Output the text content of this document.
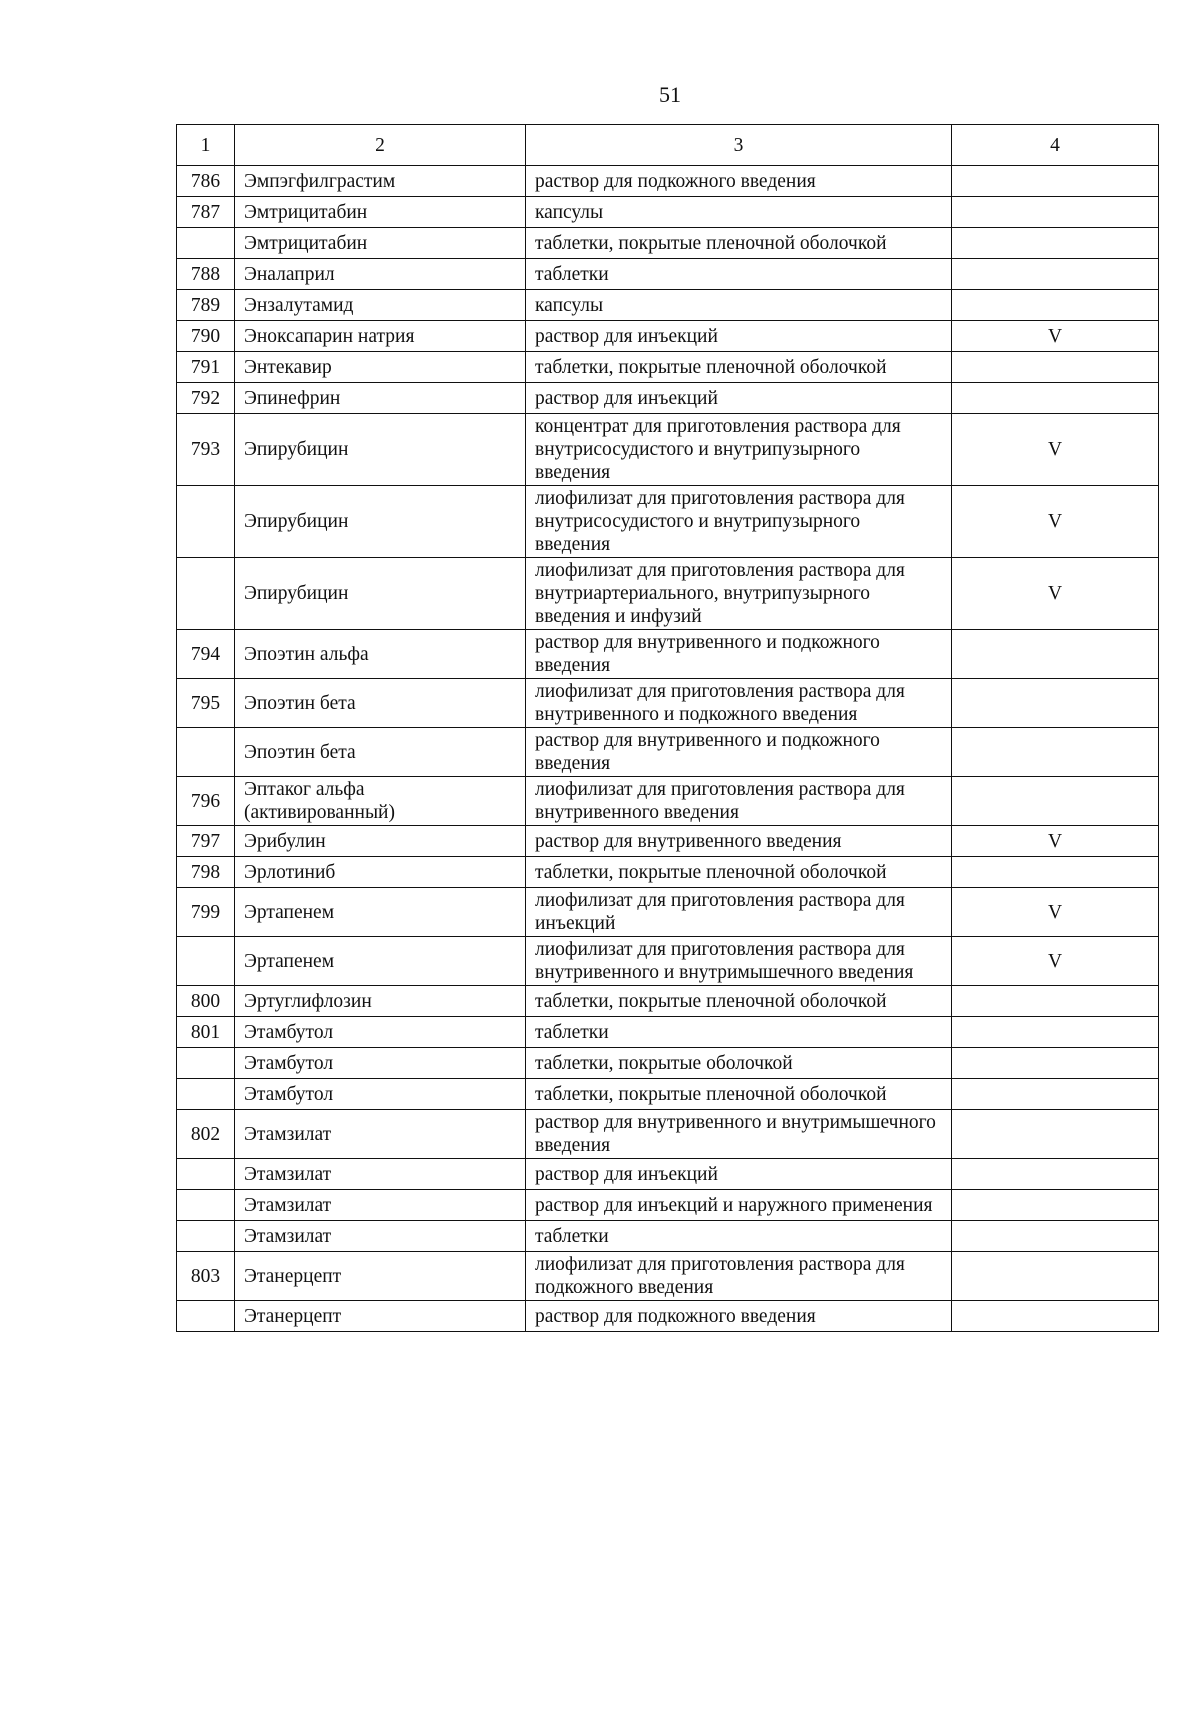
51
1	2	3	4
786	Эмпэгфилграстим	раствор для подкожного введения	
787	Эмтрицитабин	капсулы	
	Эмтрицитабин	таблетки, покрытые пленочной оболочкой	
788	Эналаприл	таблетки	
789	Энзалутамид	капсулы	
790	Эноксапарин натрия	раствор для инъекций	V
791	Энтекавир	таблетки, покрытые пленочной оболочкой	
792	Эпинефрин	раствор для инъекций	
793	Эпирубицин	концентрат для приготовления раствора для внутрисосудистого и внутрипузырного введения	V
	Эпирубицин	лиофилизат для приготовления раствора для внутрисосудистого и внутрипузырного введения	V
	Эпирубицин	лиофилизат для приготовления раствора для внутриартериального, внутрипузырного введения и инфузий	V
794	Эпоэтин альфа	раствор для внутривенного и подкожного введения	
795	Эпоэтин бета	лиофилизат для приготовления раствора для внутривенного и подкожного введения	
	Эпоэтин бета	раствор для внутривенного и подкожного введения	
796	Эптаког альфа (активированный)	лиофилизат для приготовления раствора для внутривенного введения	
797	Эрибулин	раствор для внутривенного введения	V
798	Эрлотиниб	таблетки, покрытые пленочной оболочкой	
799	Эртапенем	лиофилизат для приготовления раствора для инъекций	V
	Эртапенем	лиофилизат для приготовления раствора для внутривенного и внутримышечного введения	V
800	Эртуглифлозин	таблетки, покрытые пленочной оболочкой	
801	Этамбутол	таблетки	
	Этамбутол	таблетки, покрытые оболочкой	
	Этамбутол	таблетки, покрытые пленочной оболочкой	
802	Этамзилат	раствор для внутривенного и внутримышечного введения	
	Этамзилат	раствор для инъекций	
	Этамзилат	раствор для инъекций и наружного применения	
	Этамзилат	таблетки	
803	Этанерцепт	лиофилизат для приготовления раствора для подкожного введения	
	Этанерцепт	раствор для подкожного введения	
